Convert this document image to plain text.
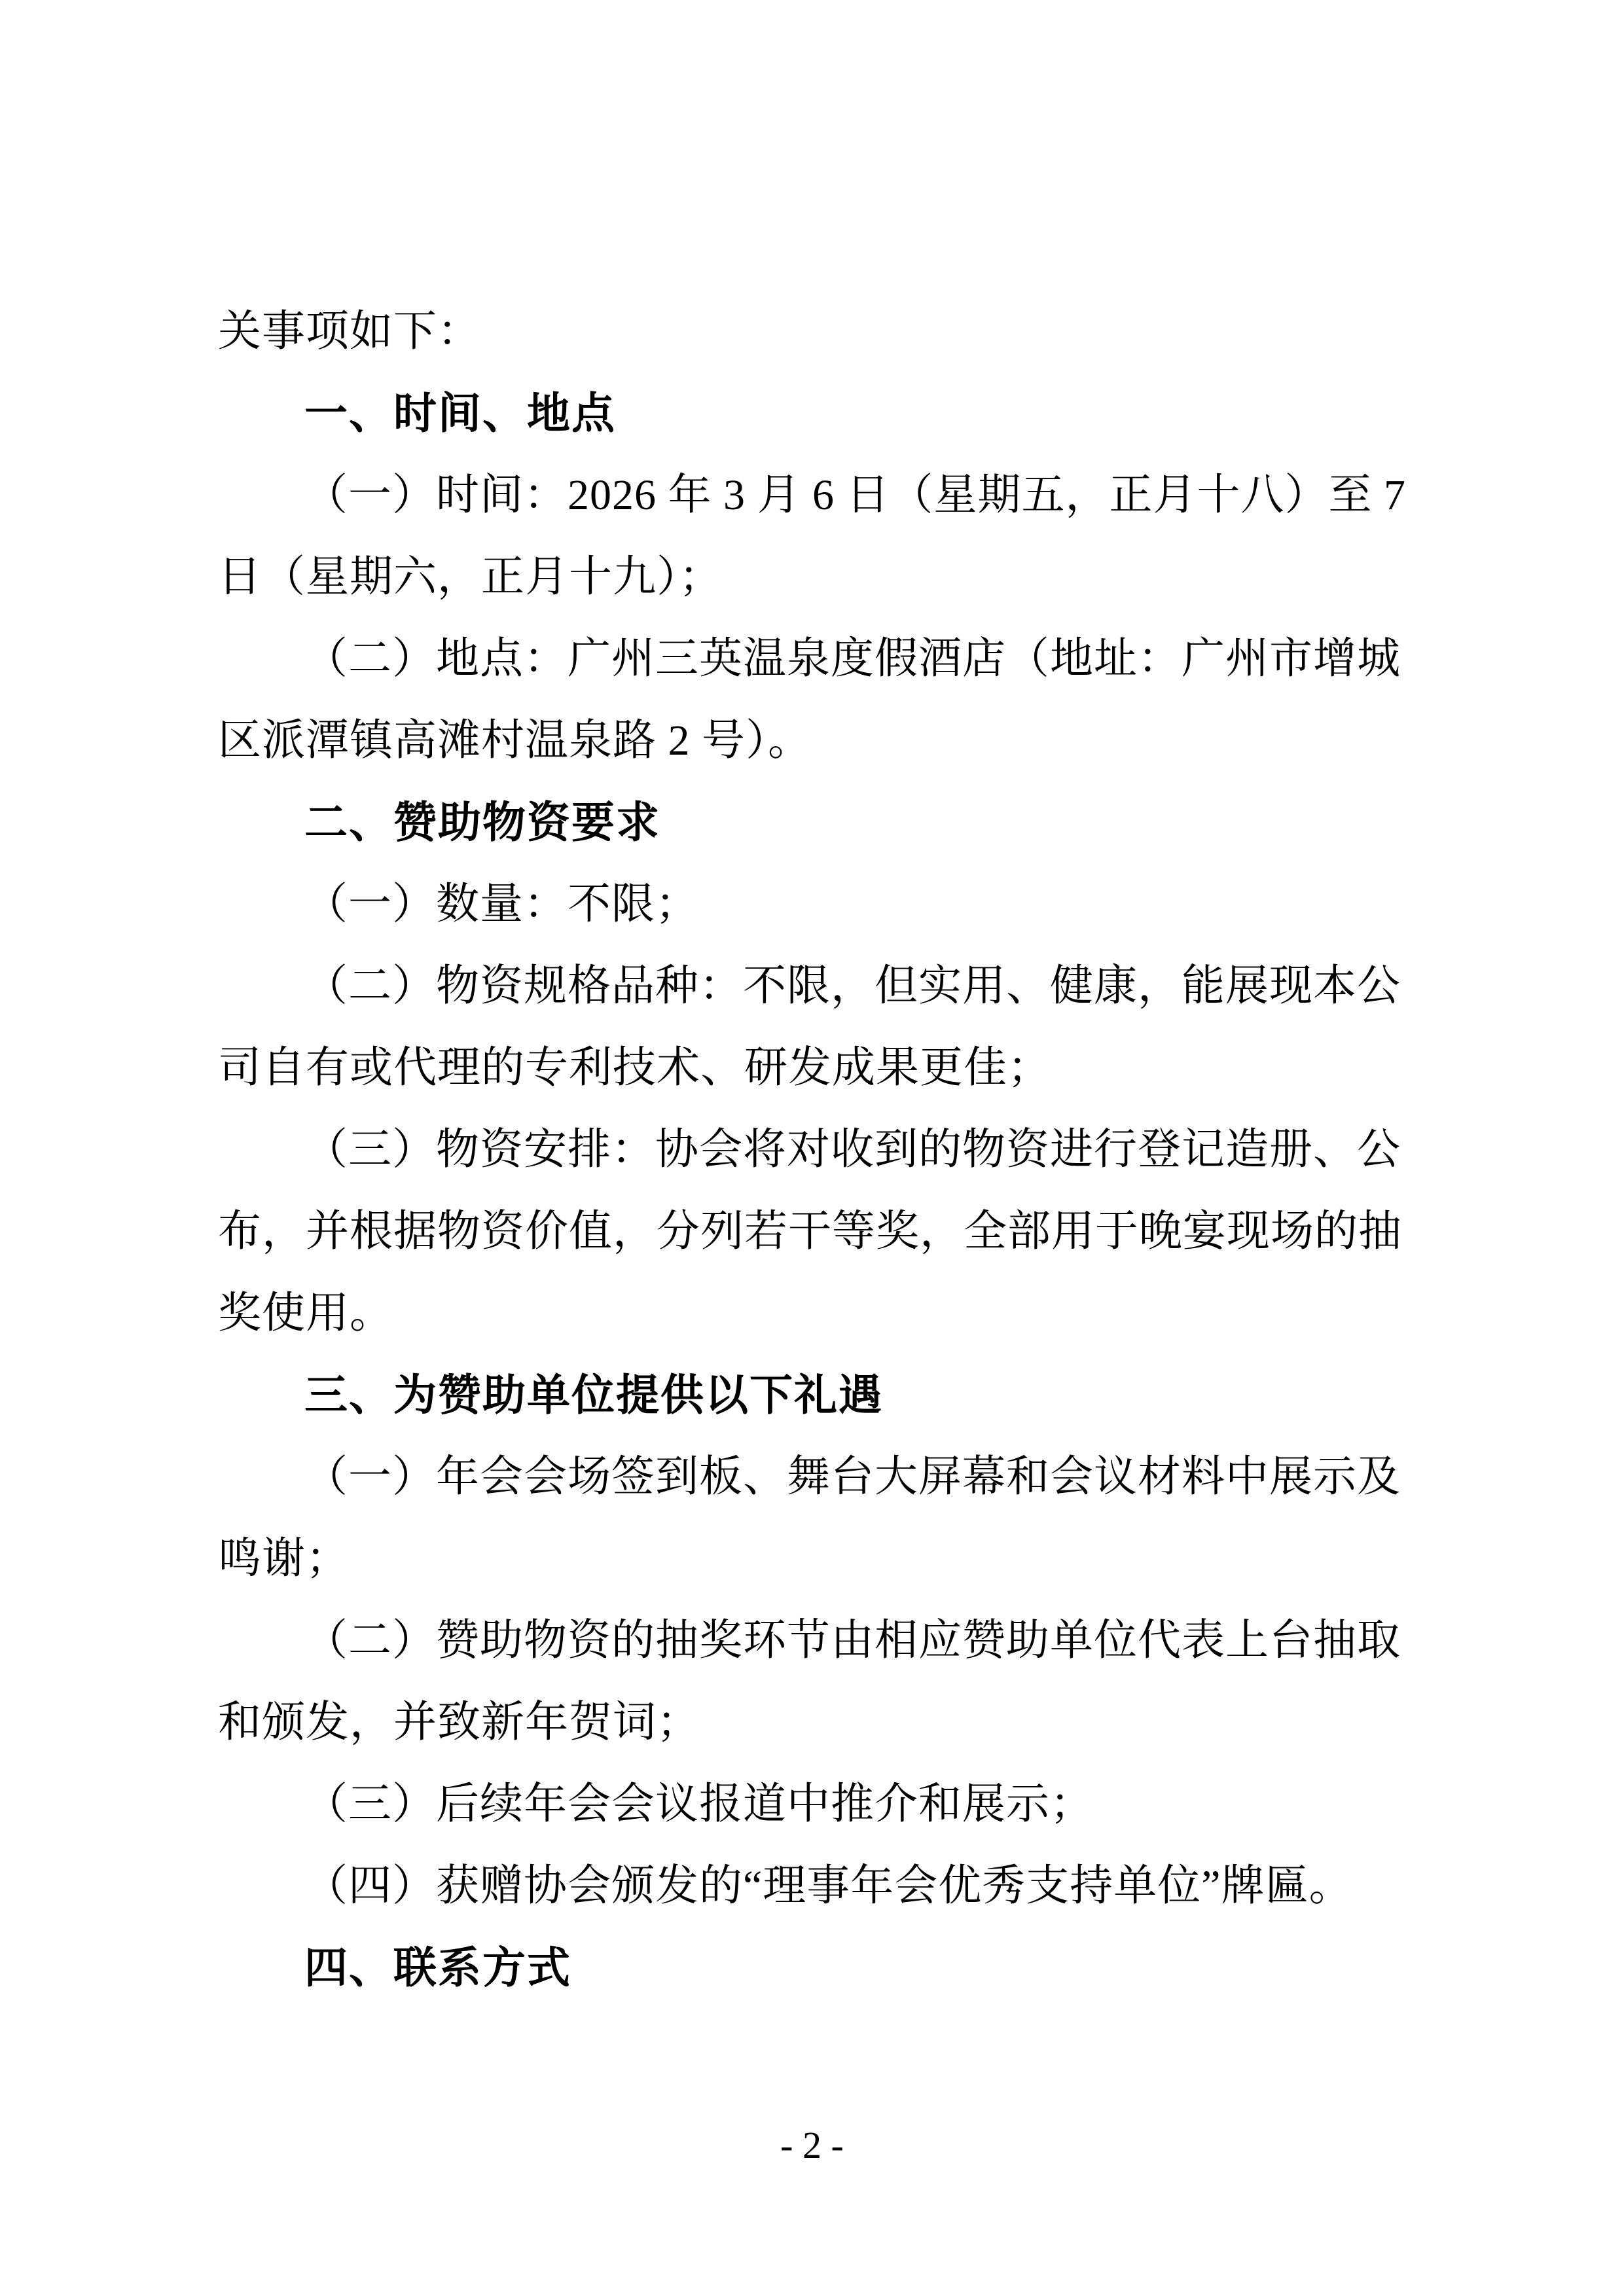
关事项如下：
一、时间、地点
（一）时间：2026 年 3 月 6 日（星期五，正月十八）至 7
日（星期六，正月十九）；
（二）地点：广州三英温泉度假酒店（地址：广州市增城
区派潭镇高滩村温泉路 2 号）。
二、赞助物资要求
（一）数量：不限；
（二）物资规格品种：不限，但实用、健康，能展现本公
司自有或代理的专利技术、研发成果更佳；
（三）物资安排：协会将对收到的物资进行登记造册、公
布，并根据物资价值，分列若干等奖，全部用于晚宴现场的抽
奖使用。
三、为赞助单位提供以下礼遇
（一）年会会场签到板、舞台大屏幕和会议材料中展示及
鸣谢；
（二）赞助物资的抽奖环节由相应赞助单位代表上台抽取
和颁发，并致新年贺词；
（三）后续年会会议报道中推介和展示；
（四）获赠协会颁发的“理事年会优秀支持单位”牌匾。
四、联系方式
- 2 -
